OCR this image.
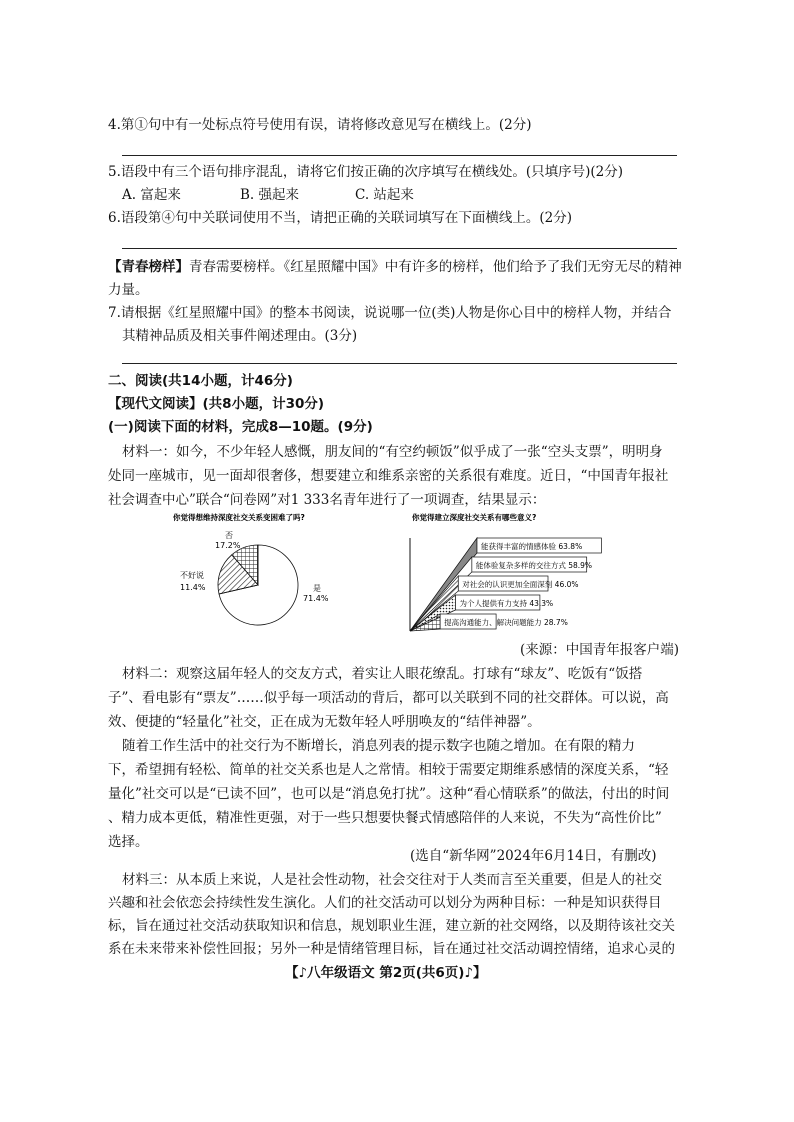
4.第①句中有一处标点符号使用有误，请将修改意见写在横线上。(2分)
5.语段中有三个语句排序混乱，请将它们按正确的次序填写在横线处。(只填序号)(2分)
A. 富起来	B. 强起来	C. 站起来
6.语段第④句中关联词使用不当，请把正确的关联词填写在下面横线上。(2分)
【青春榜样】青春需要榜样。《红星照耀中国》中有许多的榜样，他们给予了我们无穷无尽的精神
力量。
7.请根据《红星照耀中国》的整本书阅读，说说哪一位(类)人物是你心目中的榜样人物，并结合
其精神品质及相关事件阐述理由。(3分)
二、阅读(共14小题，计46分)
【现代文阅读】(共8小题，计30分)
(一)阅读下面的材料，完成8—10题。(9分)
材料一：如今，不少年轻人感慨，朋友间的“有空约顿饭”似乎成了一张“空头支票”，明明身
处同一座城市，见一面却很奢侈，想要建立和维系亲密的关系很有难度。近日，“中国青年报社
社会调查中心”联合“问卷网”对1 333名青年进行了一项调查，结果显示：
你觉得想维持深度社交关系变困难了吗?
是
71.4%
否
17.2%
不好说
11.4%
你觉得建立深度社交关系有哪些意义?
能获得丰富的情感体验 63.8%
能体验复杂多样的交往方式 58.9%
对社会的认识更加全面深刻 46.0%
为个人提供有力支持 43.3%
提高沟通能力、解决问题能力 28.7%
(来源：中国青年报客户端)
材料二：观察这届年轻人的交友方式，着实让人眼花缭乱。打球有“球友”、吃饭有“饭搭
子”、看电影有“票友”……似乎每一项活动的背后，都可以关联到不同的社交群体。可以说，高
效、便捷的“轻量化”社交，正在成为无数年轻人呼朋唤友的“结伴神器”。
随着工作生活中的社交行为不断增长，消息列表的提示数字也随之增加。在有限的精力
下，希望拥有轻松、简单的社交关系也是人之常情。相较于需要定期维系感情的深度关系，“轻
量化”社交可以是“已读不回”，也可以是“消息免打扰”。这种“看心情联系”的做法，付出的时间
、精力成本更低，精准性更强，对于一些只想要快餐式情感陪伴的人来说，不失为“高性价比”
选择。
(选自“新华网”2024年6月14日，有删改)
材料三：从本质上来说，人是社会性动物，社会交往对于人类而言至关重要，但是人的社交
兴趣和社会依恋会持续性发生演化。人们的社交活动可以划分为两种目标：一种是知识获得目
标，旨在通过社交活动获取知识和信息，规划职业生涯，建立新的社交网络，以及期待该社交关
系在未来带来补偿性回报；另外一种是情绪管理目标，旨在通过社交活动调控情绪，追求心灵的
【♪八年级语文 第2页(共6页)♪】
